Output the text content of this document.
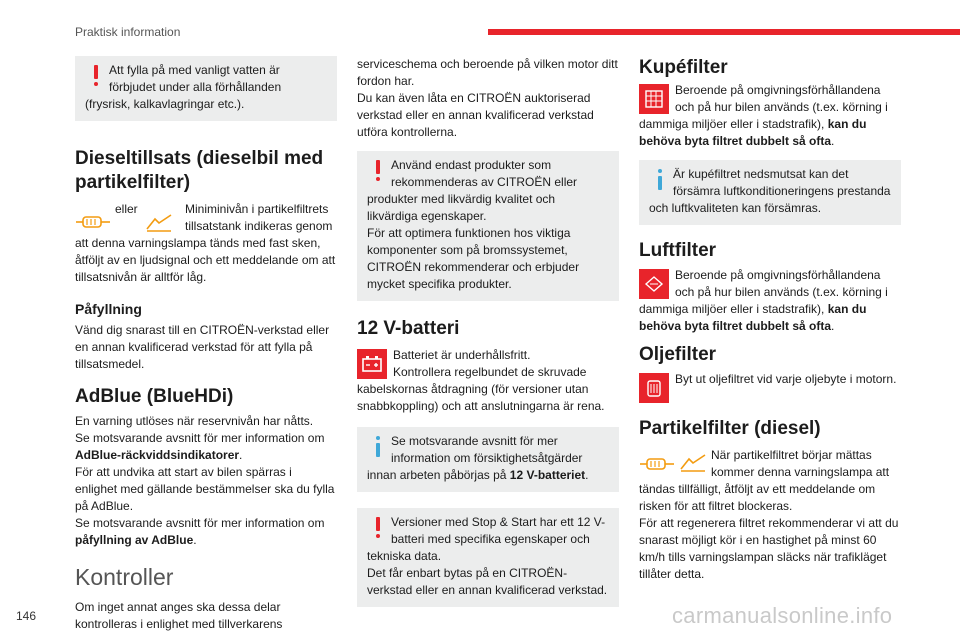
Praktisk information

Att fylla på med vanligt vatten är förbjudet under alla förhållanden (frysrisk, kalkavlagringar etc.).

Dieseltillsats (dieselbil med partikelfilter)
eller	Miniminivån i partikelfiltrets tillsatstank indikeras genom

att denna varningslampa tänds med fast sken, åtföljt av en ljudsignal och ett meddelande om att tillsatsnivån är alltför låg.

Påfyllning

Vänd dig snarast till en CITROËN-verkstad eller en annan kvalificerad verkstad för att fylla på tillsatsmedel.

AdBlue (BlueHDi)

En varning utlöses när reservnivån har nåtts.

Se motsvarande avsnitt för mer information om AdBlue-räckviddsindikatorer.

För att undvika att start av bilen spärras i enlighet med gällande bestämmelser ska du fylla på AdBlue.

Se motsvarande avsnitt för mer information om påfyllning av AdBlue.

Kontroller

Om inget annat anges ska dessa delar kontrolleras i enlighet med tillverkarens

serviceschema och beroende på vilken motor ditt fordon har.

Du kan även låta en CITROËN auktoriserad verkstad eller en annan kvalificerad verkstad utföra kontrollerna.

Använd endast produkter som rekommenderas av CITROËN eller produkter med likvärdig kvalitet och likvärdiga egenskaper.

För att optimera funktionen hos viktiga komponenter som på bromssystemet, CITROËN rekommenderar och erbjuder mycket specifika produkter.

12 V-batteri

Batteriet är underhållsfritt.

Kontrollera regelbundet de skruvade kabelskornas åtdragning (för versioner utan snabbkoppling) och att anslutningarna är rena.

Se motsvarande avsnitt för mer information om försiktighetsåtgärder innan arbeten påbörjas på 12 V-batteriet.

Versioner med Stop & Start har ett 12 V-batteri med specifika egenskaper och tekniska data.

Det får enbart bytas på en CITROËN-verkstad eller en annan kvalificerad verkstad.

Kupéfilter

Beroende på omgivningsförhållandena och på hur bilen används (t.ex. körning i dammiga miljöer eller i stadstrafik), kan du behöva byta filtret dubbelt så ofta.

Är kupéfiltret nedsmutsat kan det försämra luftkonditioneringens prestanda och luftkvaliteten kan försämras.

Luftfilter

Beroende på omgivningsförhållandena och på hur bilen används (t.ex. körning i dammiga miljöer eller i stadstrafik), kan du behöva byta filtret dubbelt så ofta.

Oljefilter

Byt ut oljefiltret vid varje oljebyte i motorn.

Partikelfilter (diesel)

När partikelfiltret börjar mättas kommer denna varningslampa att

tändas tillfälligt, åtföljt av ett meddelande om risken för att filtret blockeras.

För att regenerera filtret rekommenderar vi att du snarast möjligt kör i en hastighet på minst 60 km/h tills varningslampan släcks när trafikläget tillåter detta.

146	carmanualsonline.info
